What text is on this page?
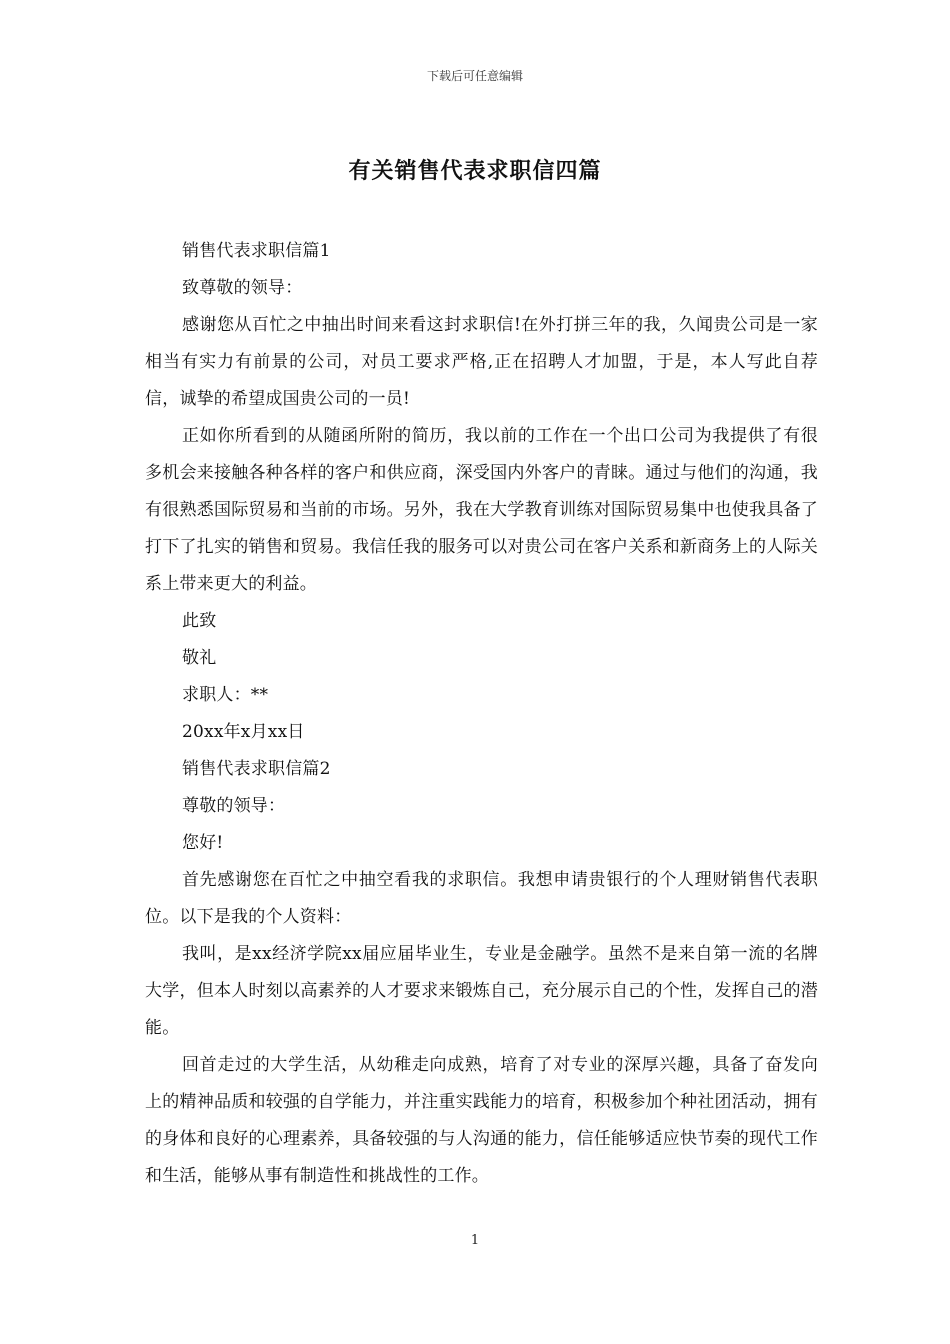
下载后可任意编辑
有关销售代表求职信四篇

销售代表求职信篇1

致尊敬的领导：

感谢您从百忙之中抽出时间来看这封求职信!在外打拼三年的我，久闻贵公司是一家相当有实力有前景的公司，对员工要求严格,正在招聘人才加盟，于是，本人写此自荐信，诚挚的希望成国贵公司的一员!

正如你所看到的从随函所附的简历，我以前的工作在一个出口公司为我提供了有很多机会来接触各种各样的客户和供应商，深受国内外客户的青睐。通过与他们的沟通，我有很熟悉国际贸易和当前的市场。另外，我在大学教育训练对国际贸易集中也使我具备了打下了扎实的销售和贸易。我信任我的服务可以对贵公司在客户关系和新商务上的人际关系上带来更大的利益。

此致

敬礼

求职人：**

20xx年x月xx日

销售代表求职信篇2

尊敬的领导：

您好!

首先感谢您在百忙之中抽空看我的求职信。我想申请贵银行的个人理财销售代表职位。以下是我的个人资料：

我叫，是xx经济学院xx届应届毕业生，专业是金融学。虽然不是来自第一流的名牌大学，但本人时刻以高素养的人才要求来锻炼自己，充分展示自己的个性，发挥自己的潜能。

回首走过的大学生活，从幼稚走向成熟，培育了对专业的深厚兴趣，具备了奋发向上的精神品质和较强的自学能力，并注重实践能力的培育，积极参加个种社团活动，拥有的身体和良好的心理素养，具备较强的与人沟通的能力，信任能够适应快节奏的现代工作和生活，能够从事有制造性和挑战性的工作。

1
